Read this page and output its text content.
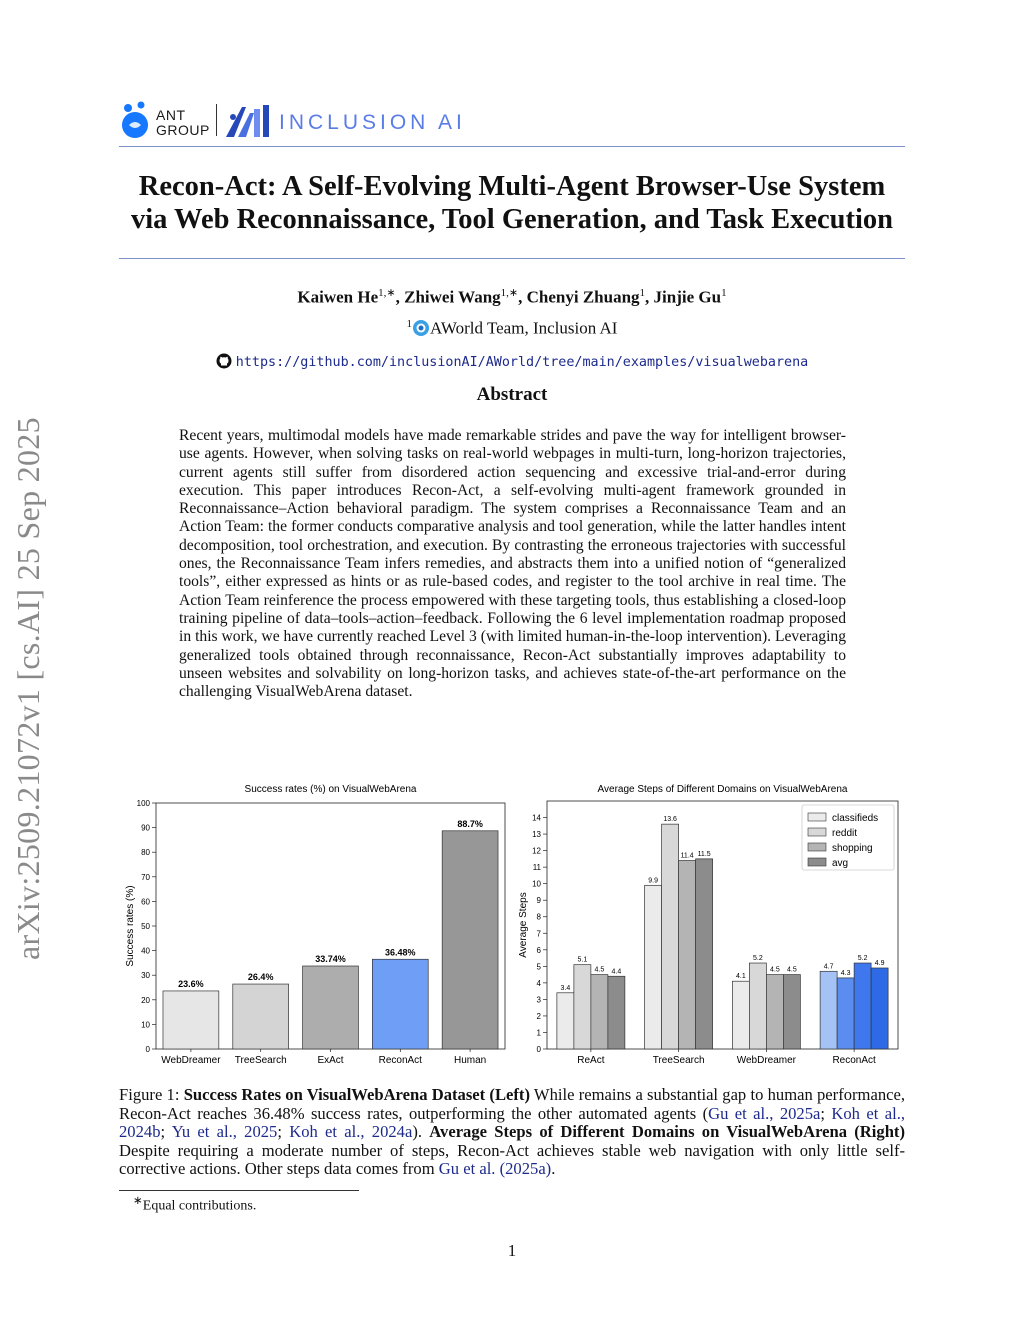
ANT
GROUP	INCLUSION AI
Recon-Act: A Self-Evolving Multi-Agent Browser-Use System
via Web Reconnaissance, Tool Generation, and Task Execution
Kaiwen $He^{1,∗}$, Zhiwei Wang$^{1,∗}$, Chenyi Zhuang$^1$, Jinjie Gu$^1$
$^1$ AWorld Team, Inclusion AI
https://github.com/inclusionAI/AWorld/tree/main/examples/visualwebarena
Abstract
Recent years, multimodal models have made remarkable strides and pave the way for intelligent browser-use agents. However, when solving tasks on real-world webpages in multi-turn, long-horizon trajectories, current agents still suffer from disordered action sequencing and excessive trial-and-error during execution. This paper introduces Recon-Act, a self-evolving multi-agent framework grounded in Reconnaissance–Action behavioral paradigm. The system comprises a Reconnaissance Team and an Action Team: the former conducts comparative analysis and tool generation, while the latter handles intent decomposition, tool orchestration, and execution. By contrasting the erroneous trajectories with successful ones, the Reconnaissance Team infers remedies, and abstracts them into a unified notion of “generalized tools”, either expressed as hints or as rule-based codes, and register to the tool archive in real time. The Action Team reinference the process empowered with these targeting tools, thus establishing a closed-loop training pipeline of data–tools–action–feedback. Following the 6 level implementation roadmap proposed in this work, we have currently reached Level 3 (with limited human-in-the-loop intervention). Leveraging generalized tools obtained through reconnaissance, Recon-Act substantially improves adaptability to unseen websites and solvability on long-horizon tasks, and achieves state-of-the-art performance on the challenging VisualWebArena dataset.
arXiv:2509.21072v1 [cs.AI] 25 Sep 2025	Success rates (%) on VisualWebArena
0
10
20
30
40
50
60
70
80
90
100
Success rates (%)
23.6%
WebDreamer
26.4%
TreeSearch
33.74%
ExAct
36.48%
ReconAct
88.7%
Human
Average Steps of Different Domains on VisualWebArena
0
1
2
3
4
5
6
7
8
9
10
11
12
13
14
Average Steps
3.4
5.1
4.5 4.4
ReAct
9.9
13.6
11.4 11.5
TreeSearch
4.1
5.2
4.5 4.5
WebDreamer
4.7
4.3
5.2
4.9
ReconAct
classifieds
reddit
shopping
avg
Figure 1: Success Rates on VisualWebArena Dataset (Left) While remains a substantial gap to human performance, Recon-Act reaches 36.48% success rates, outperforming the other automated agents (Gu et al., 2025a; Koh et al., 2024b; Yu et al., 2025; Koh et al., 2024a). Average Steps of Different Domains on VisualWebArena (Right) Despite requiring a moderate number of steps, Recon-Act achieves stable web navigation with only little self-corrective actions. Other steps data comes from Gu et al. (2025a).
∗Equal contributions.
1
